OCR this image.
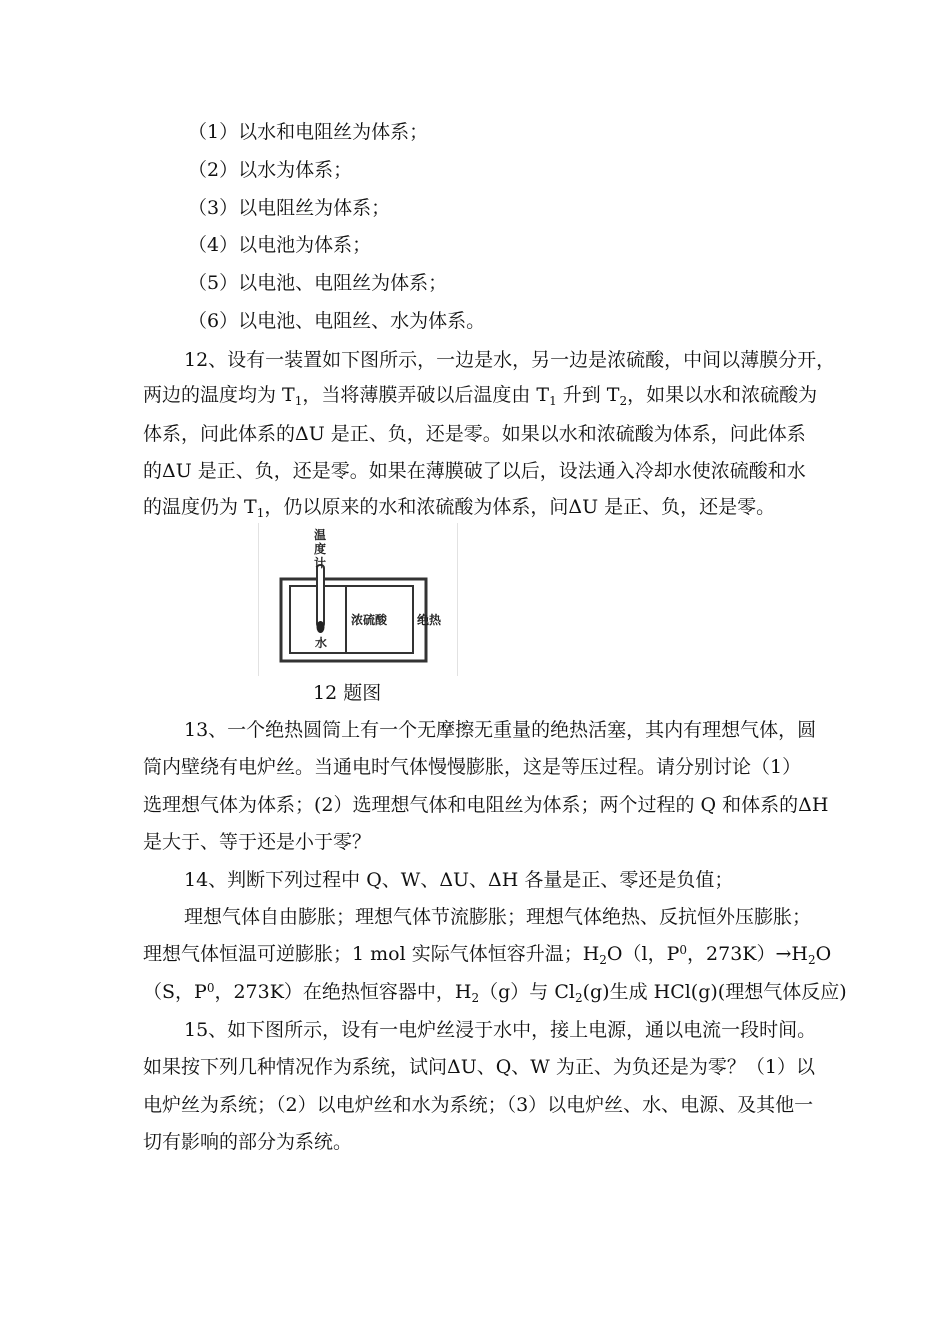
（1）以水和电阻丝为体系；
（2）以水为体系；
（3）以电阻丝为体系；
（4）以电池为体系；
（5）以电池、电阻丝为体系；
（6）以电池、电阻丝、水为体系。
12、设有一装置如下图所示，一边是水，另一边是浓硫酸，中间以薄膜分开，
两边的温度均为 $T_1$，当将薄膜弄破以后温度由 $T_1$ 升到 $T_2$，如果以水和浓硫酸为
体系，问此体系的ΔU 是正、负，还是零。如果以水和浓硫酸为体系，问此体系
的ΔU 是正、负，还是零。如果在薄膜破了以后，设法通入冷却水使浓硫酸和水
的温度仍为 $T_1$，仍以原来的水和浓硫酸为体系，问ΔU 是正、负，还是零。
温
度
计
水
浓硫酸 绝热
12 题图
13、一个绝热圆筒上有一个无摩擦无重量的绝热活塞，其内有理想气体，圆
筒内壁绕有电炉丝。当通电时气体慢慢膨胀，这是等压过程。请分别讨论（1）
选理想气体为体系；(2）选理想气体和电阻丝为体系；两个过程的 Q 和体系的ΔH
是大于、等于还是小于零？
14、判断下列过程中 Q、W、ΔU、ΔH 各量是正、零还是负值；
理想气体自由膨胀；理想气体节流膨胀；理想气体绝热、反抗恒外压膨胀；
理想气体恒温可逆膨胀；1 mol 实际气体恒容升温；$H_2O(l$，$P^0$，$273K)\to H_2O$
（S，$P^0$，273K）在绝热恒容器中，$H_2(g)$与 $Cl_2(g)$生成 HCl(g)(理想气体反应)
15、如下图所示，设有一电炉丝浸于水中，接上电源，通以电流一段时间。
如果按下列几种情况作为系统，试问ΔU、Q、W 为正、为负还是为零？（1）以
电炉丝为系统；（2）以电炉丝和水为系统；（3）以电炉丝、水、电源、及其他一
切有影响的部分为系统。
